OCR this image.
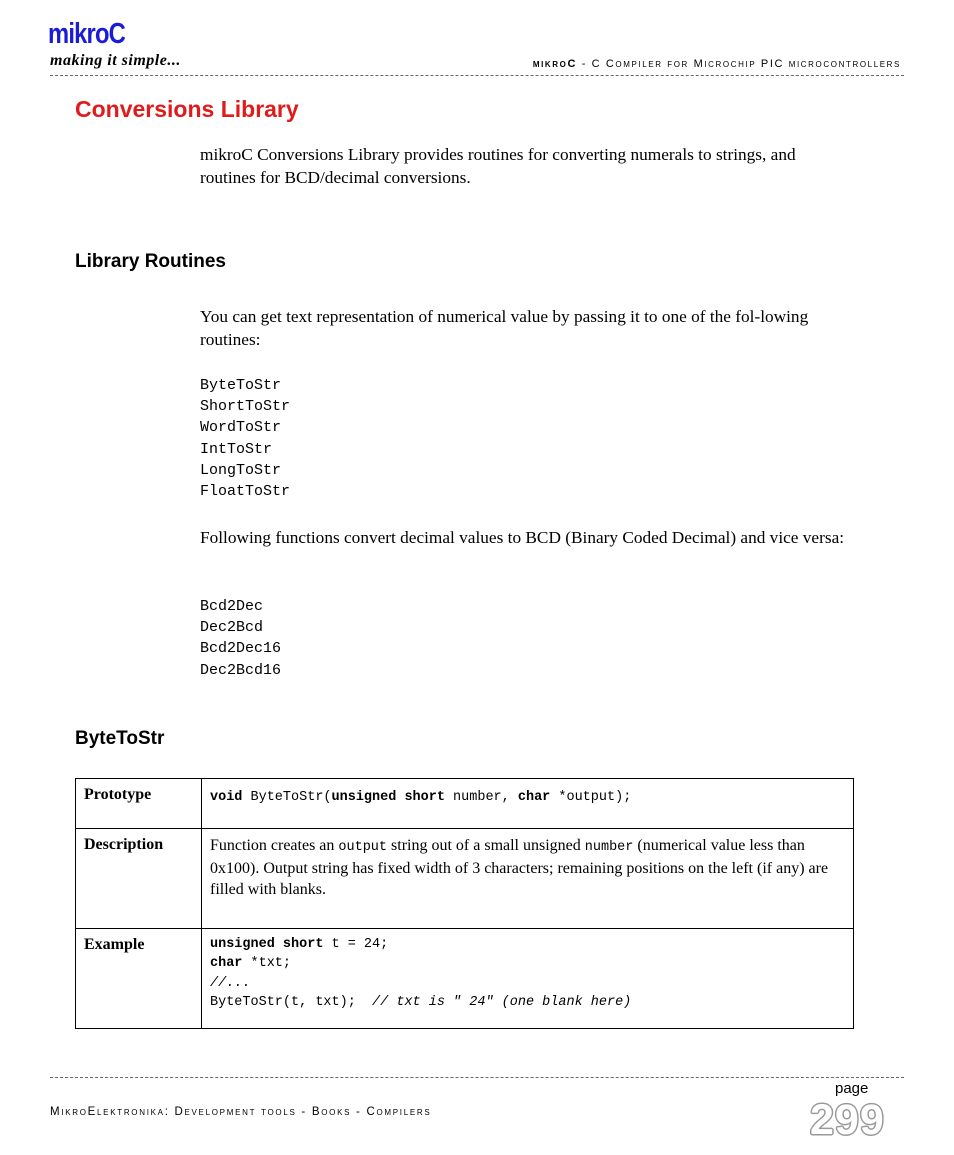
mikroC
making it simple...	mikroC - C Compiler for Microchip PIC microcontrollers
Conversions Library

mikroC Conversions Library provides routines for converting numerals to strings, and routines for BCD/decimal conversions.

Library Routines

You can get text representation of numerical value by passing it to one of the fol-lowing routines:

ByteToStr
ShortToStr
WordToStr
IntToStr
LongToStr
FloatToStr

Following functions convert decimal values to BCD (Binary Coded Decimal) and vice versa:

Bcd2Dec
Dec2Bcd
Bcd2Dec16
Dec2Bcd16
ByteToStr
Prototype	void ByteToStr(unsigned short number, char *output);
Description	Function creates an output string out of a small unsigned number (numerical value less than 0x100). Output string has fixed width of 3 characters; remaining positions on the left (if any) are filled with blanks.
Example	unsigned short t = 24;
char *txt;
//...
ByteToStr(t, txt);  // txt is " 24" (one blank here)
page
MikroElektronika: Development tools - Books - Compilers	299
